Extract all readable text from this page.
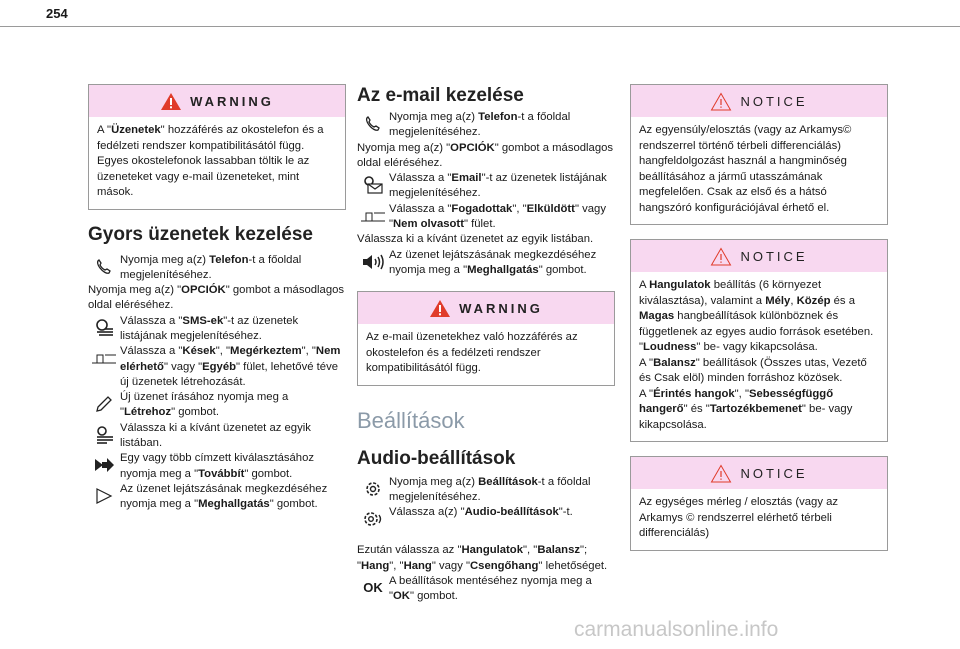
254
WARNING
A "Üzenetek" hozzáférés az okostelefon és a fedélzeti rendszer kompatibilitásától függ. Egyes okostelefonok lassabban töltik le az üzeneteket vagy e-mail üzeneteket, mint mások.
Gyors üzenetek kezelése
Nyomja meg a(z) Telefon-t a főoldal megjelenítéséhez.
Nyomja meg a(z) "OPCIÓK" gombot a másodlagos oldal eléréséhez.
Válassza a "SMS-ek"-t az üzenetek listájának megjelenítéséhez.
Válassza a "Kések", "Megérkeztem", "Nem elérhető" vagy "Egyéb" fület, lehetővé téve új üzenetek létrehozását.
Új üzenet írásához nyomja meg a "Létrehoz" gombot.
Válassza ki a kívánt üzenetet az egyik listában.
Egy vagy több címzett kiválasztásához nyomja meg a "Továbbít" gombot.
Az üzenet lejátszásának megkezdéséhez nyomja meg a "Meghallgatás" gombot.
Az e-mail kezelése
Nyomja meg a(z) Telefon-t a főoldal megjelenítéséhez.
Nyomja meg a(z) "OPCIÓK" gombot a másodlagos oldal eléréséhez.
Válassza a "Email"-t az üzenetek listájának megjelenítéséhez.
Válassza a "Fogadottak", "Elküldött" vagy "Nem olvasott" fület.
Válassza ki a kívánt üzenetet az egyik listában.
Az üzenet lejátszásának megkezdéséhez nyomja meg a "Meghallgatás" gombot.
WARNING
Az e-mail üzenetekhez való hozzáférés az okostelefon és a fedélzeti rendszer kompatibilitásától függ.
Beállítások
Audio-beállítások
Nyomja meg a(z) Beállítások-t a főoldal megjelenítéséhez.
Válassza a(z) "Audio-beállítások"-t.
Ezután válassza az "Hangulatok", "Balansz"; "Hang", "Hang" vagy "Csengőhang" lehetőséget.
OK A beállítások mentéséhez nyomja meg a "OK" gombot.
NOTICE
Az egyensúly/elosztás (vagy az Arkamys© rendszerrel történő térbeli differenciálás) hangfeldolgozást használ a hangminőség beállításához a jármű utasszámának megfelelően. Csak az első és a hátsó hangszóró konfigurációjával érhető el.
NOTICE
A Hangulatok beállítás (6 környezet kiválasztása), valamint a Mély, Közép és a Magas hangbeállítások különböznek és függetlenek az egyes audio források esetében.
"Loudness" be- vagy kikapcsolása.
A "Balansz" beállítások (Összes utas, Vezető és Csak elöl) minden forráshoz közösek.
A "Érintés hangok", "Sebességfüggő hangerő" és "Tartozékbemenet" be- vagy kikapcsolása.
NOTICE
Az egységes mérleg / elosztás (vagy az Arkamys © rendszerrel elérhető térbeli differenciálás)
carmanualsonline.info
